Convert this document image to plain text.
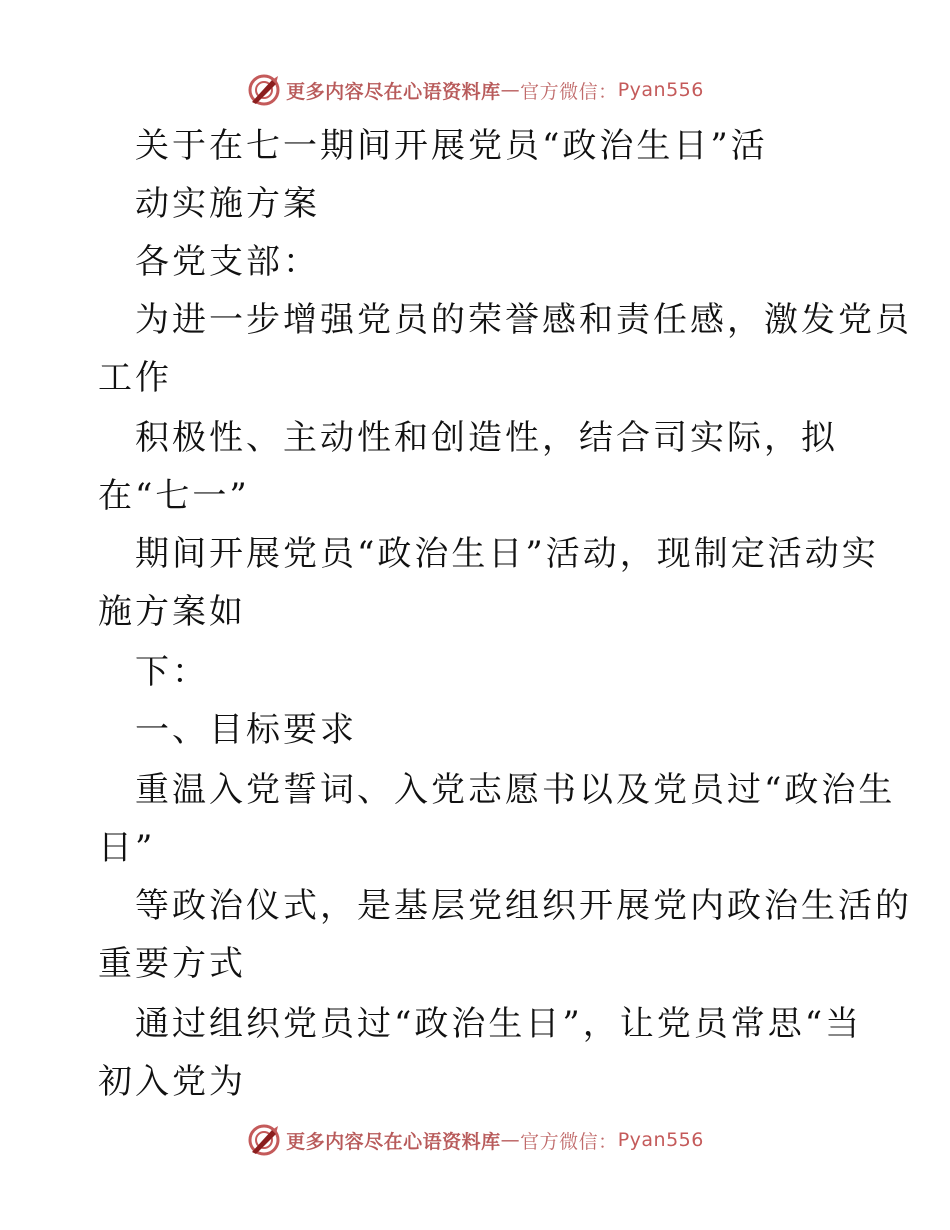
更多内容尽在心语资料库 — 官方微信： Pyan556
关于在七一期间开展党员“政治生日”活
动实施方案
各党支部：
为进一步增强党员的荣誉感和责任感，激发党员
工作
积极性、主动性和创造性，结合司实际，拟
在“七一”
期间开展党员“政治生日”活动，现制定活动实
施方案如
下：
一、目标要求
重温入党誓词、入党志愿书以及党员过“政治生
日”
等政治仪式，是基层党组织开展党内政治生活的
重要方式
通过组织党员过“政治生日”，让党员常思“当
初入党为
更多内容尽在心语资料库 — 官方微信： Pyan556
